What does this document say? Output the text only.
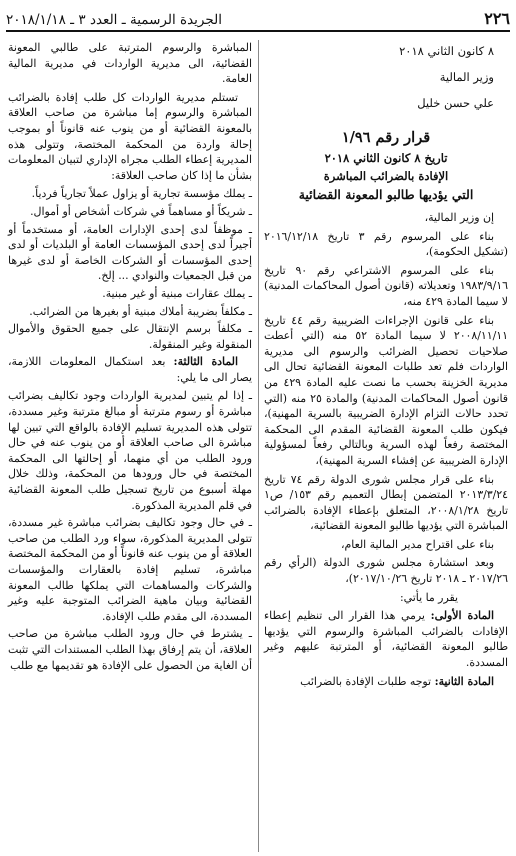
٢٢٦
الجريدة الرسمية ـ العدد ٣ ـ ٢٠١٨/١/١٨

٨ كانون الثاني ٢٠١٨

وزير المالية

علي حسن خليل

قرار رقم ١/٩٦
تاريخ ٨ كانون الثاني ٢٠١٨
الإفادة بالضرائب المباشرة
التي يؤديها طالبو المعونة القضائية

إن وزير المالية،

بناء على المرسوم رقم ٣ تاريخ ٢٠١٦/١٢/١٨ (تشكيل الحكومة)،

بناء على المرسوم الاشتراعي رقم ٩٠ تاريخ ١٩٨٣/٩/١٦ وتعديلاته (قانون أصول المحاكمات المدنية) لا سيما المادة ٤٢٩ منه،

بناء على قانون الإجراءات الضريبية رقم ٤٤ تاريخ ٢٠٠٨/١١/١١ لا سيما المادة ٥٢ منه (التي أعطت صلاحيات تحصيل الضرائب والرسوم الى مديرية الواردات فلم تعد طلبات المعونة القضائية تحال الى مديرية الخزينة بحسب ما نصت عليه المادة ٤٢٩ من قانون أصول المحاكمات المدنية) والمادة ٢٥ منه (التي تحدد حالات التزام الإدارة الضريبية بالسرية المهنية)، فيكون طلب المعونة القضائية المقدم الى المحكمة المختصة رفعاً لهذه السرية وبالتالي رفعاً لمسؤولية الإدارة الضريبية عن إفشاء السرية المهنية)،

بناء على قرار مجلس شورى الدولة رقم ٧٤ تاريخ ٢٠١٣/٣/٢٤ المتضمن إبطال التعميم رقم ١٥٣/ ص١ تاريخ ٢٠٠٨/١/٢٨، المتعلق بإعطاء الإفادة بالضرائب المباشرة التي يؤديها طالبو المعونة القضائية،

بناء على اقتراح مدير المالية العام،

وبعد استشارة مجلس شورى الدولة (الرأي رقم ٢٠١٧/٢٦ ـ ٢٠١٨ تاريخ ٢٠١٧/١٠/٢٦)،

يقرر ما يأتي:

المادة الأولى: يرمي هذا القرار الى تنظيم إعطاء الإفادات بالضرائب المباشرة والرسوم التي يؤديها طالبو المعونة القضائية، أو المترتبة عليهم وغير المسددة.

المادة الثانية: توجه طلبات الإفادة بالضرائب

المباشرة والرسوم المترتبة على طالبي المعونة القضائية، الى مديرية الواردات في مديرية المالية العامة.

تستلم مديرية الواردات كل طلب إفادة بالضرائب المباشرة والرسوم إما مباشرة من صاحب العلاقة بالمعونة القضائية أو من ينوب عنه قانوناً أو بموجب إحالة واردة من المحكمة المختصة، وتتولى هذه المديرية إعطاء الطلب مجراه الإداري لتبيان المعلومات بشأن ما إذا كان صاحب العلاقة:

ـ يملك مؤسسة تجارية أو يزاول عملاً تجارياً فردياً.

ـ شريكاً أو مساهماً في شركات أشخاص أو أموال.

ـ موظفاً لدى إحدى الإدارات العامة، أو مستخدماً أو أجيراً لدى إحدى المؤسسات العامة أو البلديات أو لدى إحدى المؤسسات أو الشركات الخاصة أو لدى غيرها من قبل الجمعيات والنوادي ... إلخ.

ـ يملك عقارات مبنية أو غير مبنية.

ـ مكلفاً بضريبة أملاك مبنية أو بغيرها من الضرائب.

ـ مكلفاً برسم الإنتقال على جميع الحقوق والأموال المنقولة وغير المنقولة.

المادة الثالثة: بعد استكمال المعلومات اللازمة، يصار الى ما يلي:

ـ إذا لم يتبين لمديرية الواردات وجود تكاليف بضرائب مباشرة أو رسوم مترتبة أو مبالغ مترتبة وغير مسددة، تتولى هذه المديرية تسليم الإفادة بالواقع التي تبين لها مباشرة الى صاحب العلاقة أو من ينوب عنه في حال ورود الطلب من أي منهما، أو إحالتها الى المحكمة المختصة في حال ورودها من المحكمة، وذلك خلال مهلة أسبوع من تاريخ تسجيل طلب المعونة القضائية في قلم المديرية المذكورة.

ـ في حال وجود تكاليف بضرائب مباشرة غير مسددة، تتولى المديرية المذكورة، سواء ورد الطلب من صاحب العلاقة أو من ينوب عنه قانوناً أو من المحكمة المختصة مباشرة، تسليم إفادة بالعقارات والمؤسسات والشركات والمساهمات التي يملكها طالب المعونة القضائية وبيان ماهية الضرائب المتوجبة عليه وغير المسددة، الى مقدم طلب الإفادة.

ـ يشترط في حال ورود الطلب مباشرة من صاحب العلاقة، أن يتم إرفاق بهذا الطلب المستندات التي تثبت أن الغاية من الحصول على الإفادة هو تقديمها مع طلب
